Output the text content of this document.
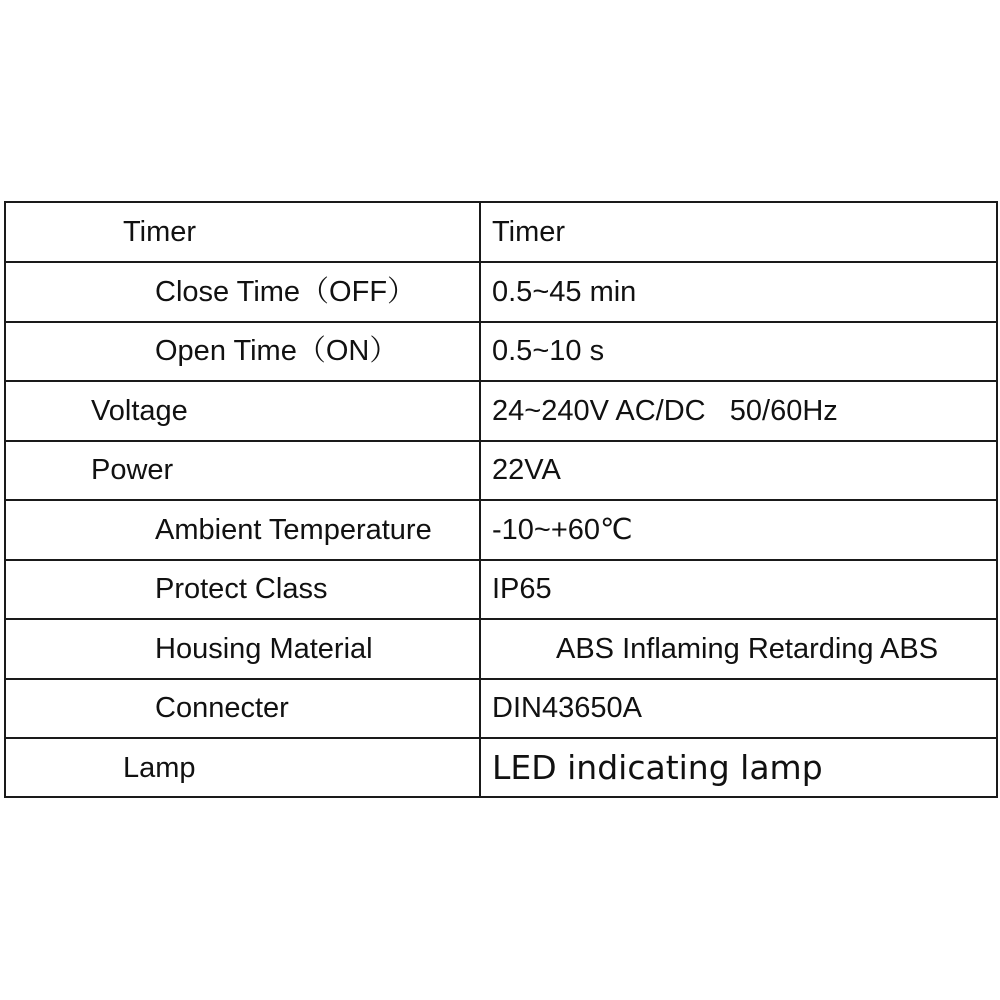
Timer	Timer
Close Time（OFF）	0.5~45 min
Open Time（ON）	0.5~10 s
Voltage	24~240V AC/DC   50/60Hz
Power	22VA
Ambient Temperature -10~+60℃
Protect Class	IP65
Housing Material	ABS Inflaming Retarding ABS
Connecter	DIN43650A
Lamp	LED indicating lamp
